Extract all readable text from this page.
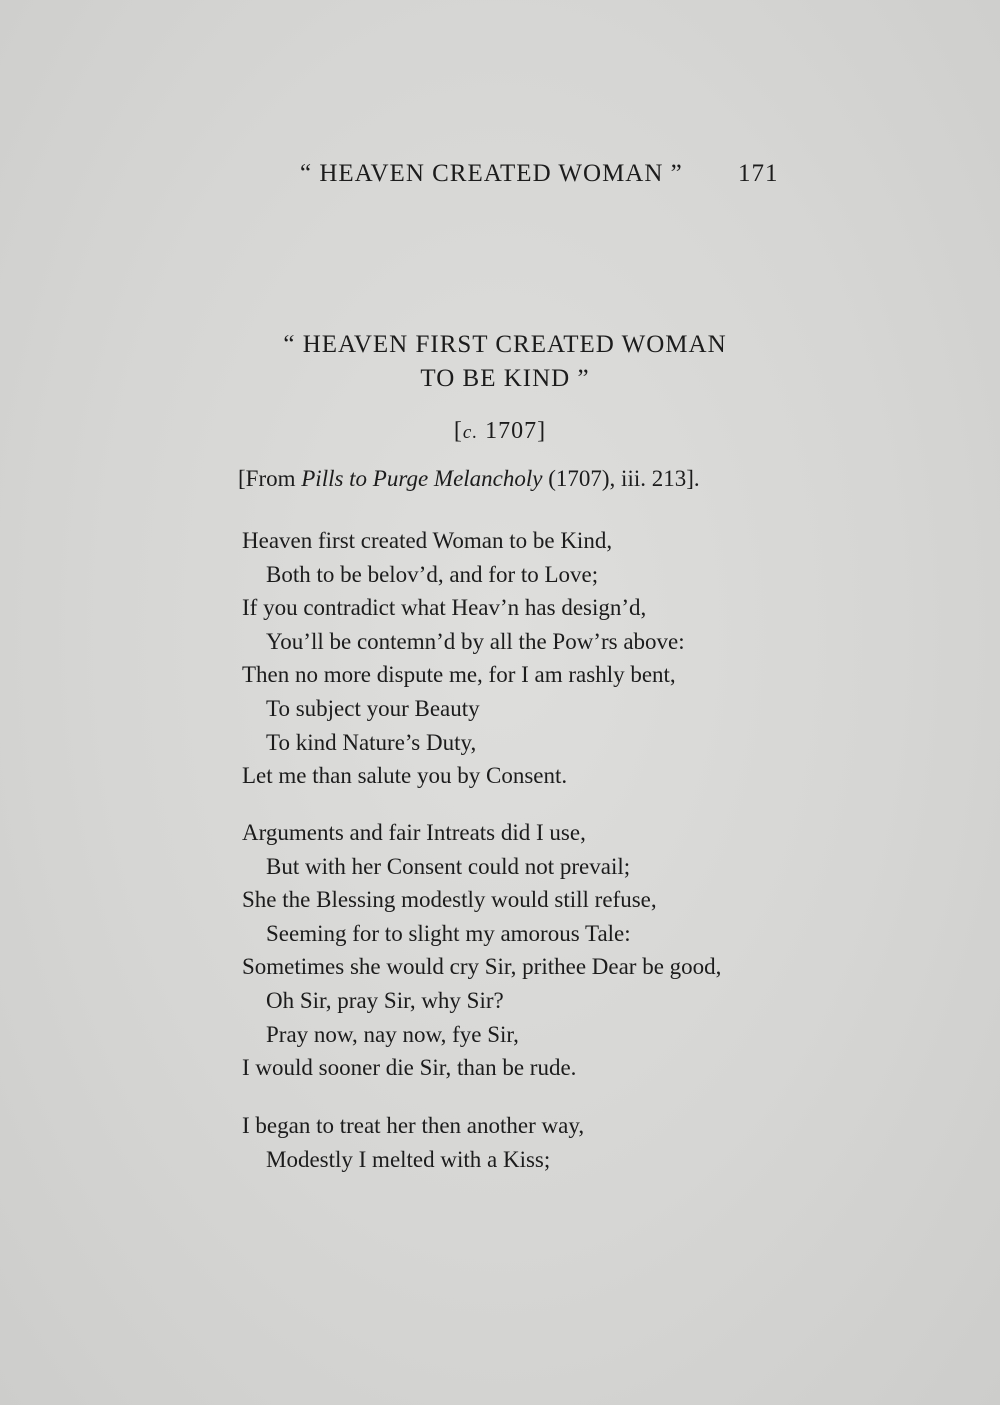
“ HEAVEN CREATED WOMAN ” 171
“ HEAVEN FIRST CREATED WOMAN
TO BE KIND ”
[c. 1707]
[From Pills to Purge Melancholy (1707), iii. 213].
Heaven first created Woman to be Kind,
Both to be belov’d, and for to Love;
If you contradict what Heav’n has design’d,
You’ll be contemn’d by all the Pow’rs above:
Then no more dispute me, for I am rashly bent,
To subject your Beauty
To kind Nature’s Duty,
Let me than salute you by Consent.
Arguments and fair Intreats did I use,
But with her Consent could not prevail;
She the Blessing modestly would still refuse,
Seeming for to slight my amorous Tale:
Sometimes she would cry Sir, prithee Dear be good,
Oh Sir, pray Sir, why Sir?
Pray now, nay now, fye Sir,
I would sooner die Sir, than be rude.
I began to treat her then another way,
Modestly I melted with a Kiss;
